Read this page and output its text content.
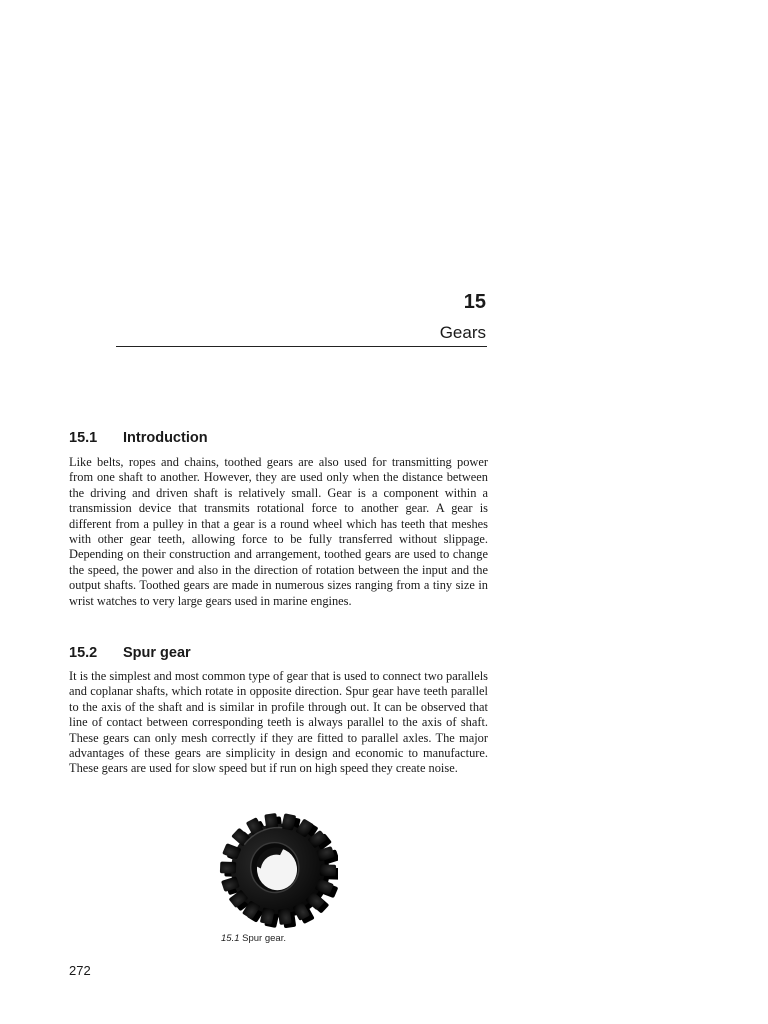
15
Gears
15.1 Introduction

Like belts, ropes and chains, toothed gears are also used for transmitting power from one shaft to another. However, they are used only when the distance between the driving and driven shaft is relatively small. Gear is a component within a transmission device that transmits rotational force to another gear. A gear is different from a pulley in that a gear is a round wheel which has teeth that meshes with other gear teeth, allowing force to be fully transferred without slippage. Depending on their construction and arrangement, toothed gears are used to change the speed, the power and also in the direction of rotation between the input and the output shafts. Toothed gears are made in numerous sizes ranging from a tiny size in wrist watches to very large gears used in marine engines.

15.2 Spur gear

It is the simplest and most common type of gear that is used to connect two parallels and coplanar shafts, which rotate in opposite direction. Spur gear have teeth parallel to the axis of the shaft and is similar in profile through out. It can be observed that line of contact between corresponding teeth is always parallel to the axis of shaft. These gears can only mesh correctly if they are fitted to parallel axles. The major advantages of these gears are simplicity in design and economic to manufacture. These gears are used for slow speed but if run on high speed they create noise.

15.1 Spur gear.
272
